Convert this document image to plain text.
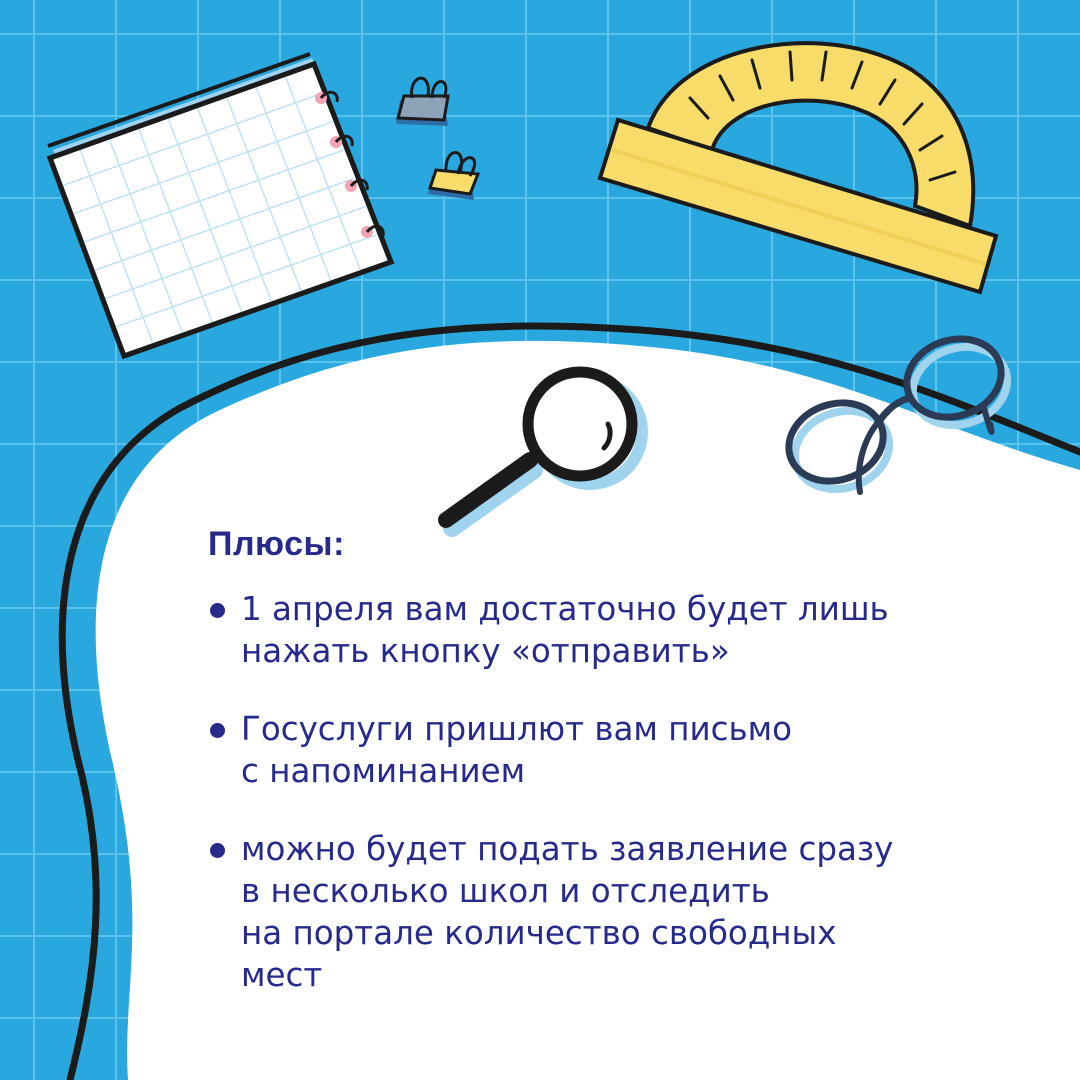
Плюсы:
1 апреля вам достаточно будет лишь
нажать кнопку «отправить»
Госуслуги пришлют вам письмо
с напоминанием
можно будет подать заявление сразу
в несколько школ и отследить
на портале количество свободных
мест
